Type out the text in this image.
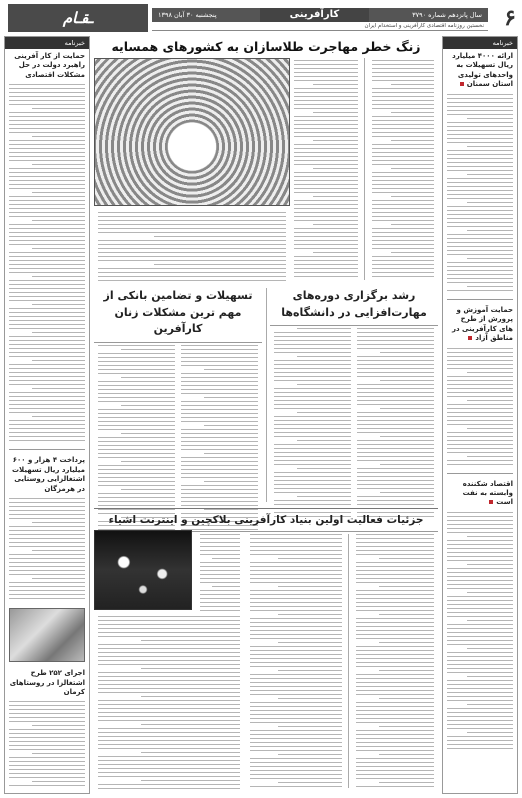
۶
سال پانزدهم شماره ۳۷۹۰
کارآفرینی
پنجشنبه ۳۰ آبان ۱۳۹۸
نخستین روزنامه اقتصادی کارآفرینی و استخدام ایران
ـقـام
خبرنامه
ارائه ۴۰۰۰ میلیارد ریال تسهیلات به واحدهای تولیدی استان سمنان
حمایت آموزش و پرورش از طرح های کارآفرینی در مناطق آزاد
اقتصاد شکننده وابسته به نفت است
خبرنامه
حمایت از کار آفرینی راهبرد دولت در حل مشکلات اقتصادی
پرداخت ۴ هزار و ۶۰۰ میلیارد ریال تسهیلات اشتغالزایی روستایی در هرمزگان
اجرای ۲۵۲ طرح اشتغالزا در روستاهای کرمان
زنگ خطر مهاجرت طلاسازان به کشورهای همسایه
تسهیلات و تضامین بانکی از مهم ترین مشکلات زنان کارآفرین
رشد برگزاری دوره‌های مهارت‌افزایی در دانشگاه‌ها
جزئیات فعالیت اولین بنیاد کارآفرینی بلاکچین و اینترنت اشیاء
